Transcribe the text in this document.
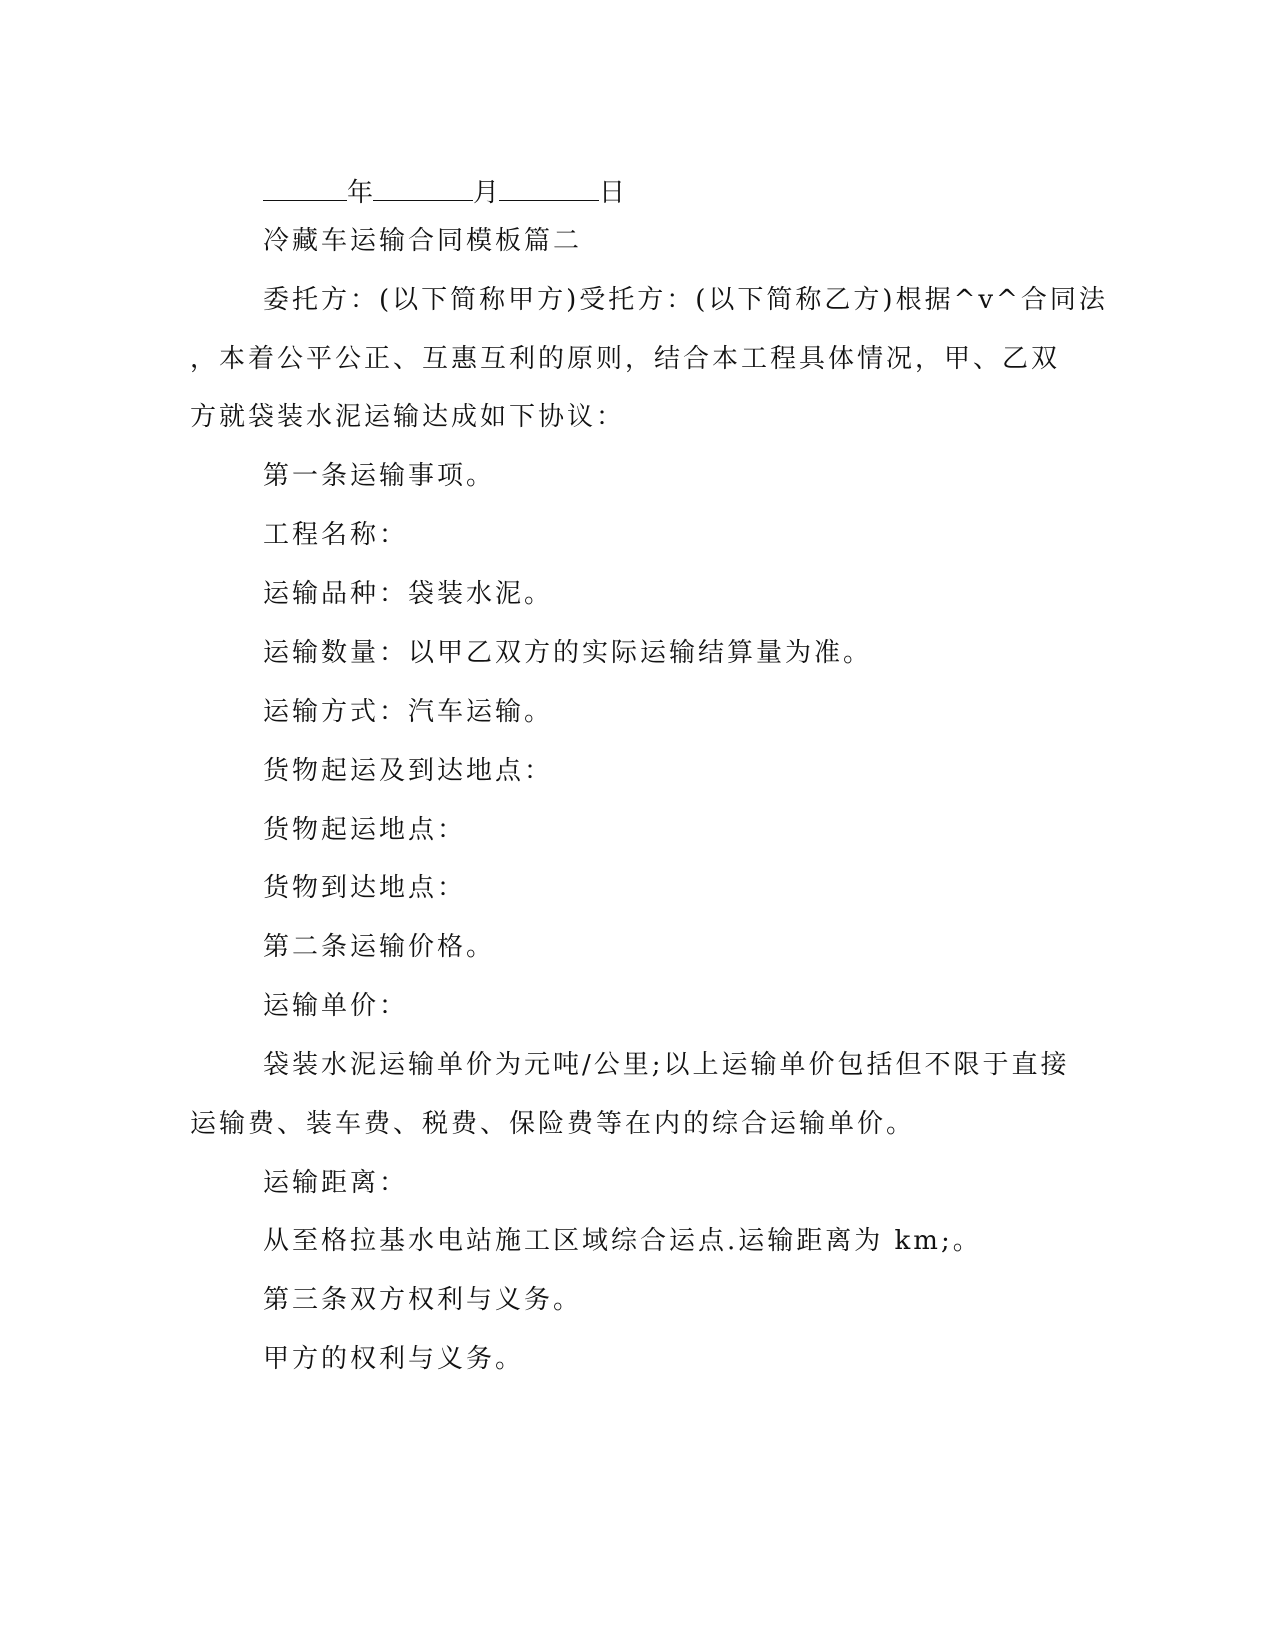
年	月	日
冷藏车运输合同模板篇二
委托方：(以下简称甲方)受托方：(以下简称乙方)根据^v^合同法
，本着公平公正、互惠互利的原则，结合本工程具体情况，甲、乙双
方就袋装水泥运输达成如下协议：
第一条运输事项。
工程名称：
运输品种：袋装水泥。
运输数量：以甲乙双方的实际运输结算量为准。
运输方式：汽车运输。
货物起运及到达地点：
货物起运地点：
货物到达地点：
第二条运输价格。
运输单价：
袋装水泥运输单价为元吨/公里;以上运输单价包括但不限于直接
运输费、装车费、税费、保险费等在内的综合运输单价。
运输距离：
从至格拉基水电站施工区域综合运点.运输距离为 km;。
第三条双方权利与义务。
甲方的权利与义务。
